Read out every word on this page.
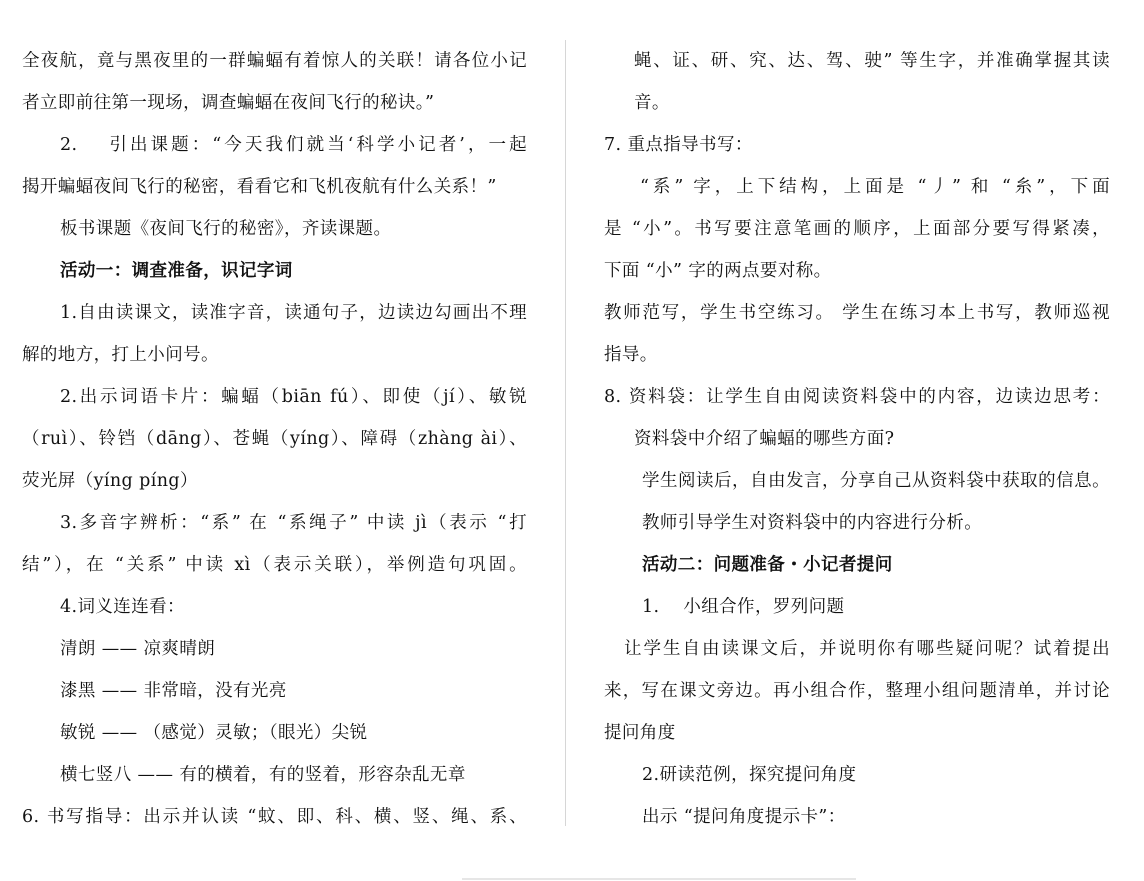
全夜航，竟与黑夜里的一群蝙蝠有着惊人的关联！请各位小记
者立即前往第一现场，调查蝙蝠在夜间飞行的秘诀。”
2.　 引出课题：“今天我们就当‘科学小记者’，一起
揭开蝙蝠夜间飞行的秘密，看看它和飞机夜航有什么关系！”
板书课题《夜间飞行的秘密》，齐读课题。
活动一：调查准备，识记字词
1.自由读课文，读准字音，读通句子，边读边勾画出不理
解的地方，打上小问号。
2.出示词语卡片：蝙蝠（biān fú）、即使（jí）、敏锐
（ruì）、铃铛（dāng）、苍蝇（yíng）、障碍（zhàng ài）、
荧光屏（yíng píng）
3.多音字辨析：“系” 在 “系绳子” 中读 jì（表示 “打
结”），在 “关系” 中读 xì（表示关联），举例造句巩固。
4.词义连连看：
清朗 —— 凉爽晴朗
漆黑 —— 非常暗，没有光亮
敏锐 —— （感觉）灵敏；（眼光）尖锐
横七竖八 —— 有的横着，有的竖着，形容杂乱无章
6. 书写指导：出示并认读 “蚊、即、科、横、竖、绳、系、
蝇、证、研、究、达、驾、驶” 等生字，并准确掌握其读
音。
7. 重点指导书写：
“系” 字，上下结构，上面是 “丿” 和 “糸”，下面
是 “小”。书写要注意笔画的顺序，上面部分要写得紧凑，
下面 “小” 字的两点要对称。
教师范写，学生书空练习。 学生在练习本上书写，教师巡视
指导。
8. 资料袋：让学生自由阅读资料袋中的内容，边读边思考：
资料袋中介绍了蝙蝠的哪些方面?
学生阅读后，自由发言，分享自己从资料袋中获取的信息。
教师引导学生对资料袋中的内容进行分析。
活动二：问题准备・小记者提问
1.　 小组合作，罗列问题
让学生自由读课文后，并说明你有哪些疑问呢？试着提出
来，写在课文旁边。再小组合作，整理小组问题清单，并讨论
提问角度
2.研读范例，探究提问角度
出示 “提问角度提示卡”：
